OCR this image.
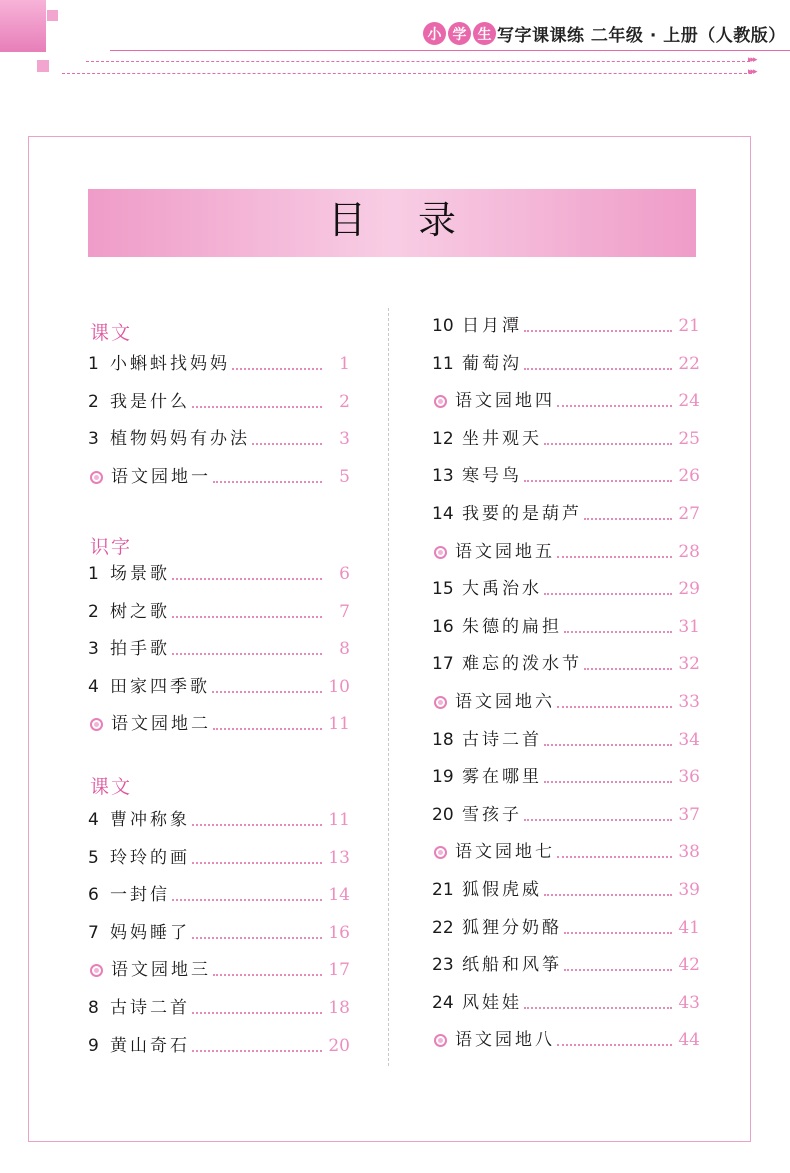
▸▸▸
▸▸▸
小 学 生 写字课课练 二年级 · 上册（人教版）
目录
课文
1 小蝌蚪找妈妈	1
2 我是什么	2
3 植物妈妈有办法	3
语文园地一	5
识字
1 场景歌	6
2 树之歌	7
3 拍手歌	8
4 田家四季歌	10
语文园地二	11
课文
4 曹冲称象	11
5 玲玲的画	13
6 一封信	14
7 妈妈睡了	16
语文园地三	17
8 古诗二首	18
9 黄山奇石	20
10 日月潭	21
11 葡萄沟	22
语文园地四	24
12 坐井观天	25
13 寒号鸟	26
14 我要的是葫芦	27
语文园地五	28
15 大禹治水	29
16 朱德的扁担	31
17 难忘的泼水节	32
语文园地六	33
18 古诗二首	34
19 雾在哪里	36
20 雪孩子	37
语文园地七	38
21 狐假虎威	39
22 狐狸分奶酪	41
23 纸船和风筝	42
24 风娃娃	43
语文园地八	44
